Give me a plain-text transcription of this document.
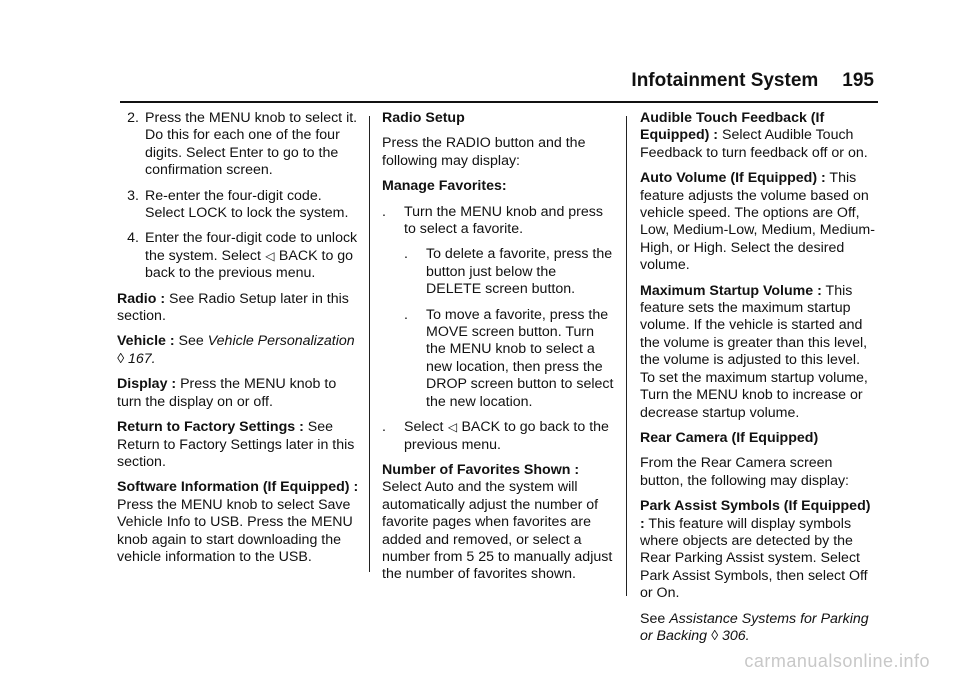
Infotainment System 195
2. Press the MENU knob to select it. Do this for each one of the four digits. Select Enter to go to the confirmation screen.
3. Re-enter the four-digit code. Select LOCK to lock the system.
4. Enter the four-digit code to unlock the system. Select ◁ BACK to go back to the previous menu.

Radio : See Radio Setup later in this section.

Vehicle : See Vehicle Personalization ◊ 167.

Display : Press the MENU knob to turn the display on or off.

Return to Factory Settings : See Return to Factory Settings later in this section.

Software Information (If Equipped) : Press the MENU knob to select Save Vehicle Info to USB. Press the MENU knob again to start downloading the vehicle information to the USB.

Radio Setup

Press the RADIO button and the following may display:

Manage Favorites:

.	Turn the MENU knob and press to select a favorite.
.	To delete a favorite, press the button just below the DELETE screen button.
.	To move a favorite, press the MOVE screen button. Turn the MENU knob to select a new location, then press the DROP screen button to select the new location.
.	Select ◁ BACK to go back to the previous menu.

Number of Favorites Shown : Select Auto and the system will automatically adjust the number of favorite pages when favorites are added and removed, or select a number from 5 25 to manually adjust the number of favorites shown.

Audible Touch Feedback (If Equipped) : Select Audible Touch Feedback to turn feedback off or on.

Auto Volume (If Equipped) : This feature adjusts the volume based on vehicle speed. The options are Off, Low, Medium-Low, Medium, Medium-High, or High. Select the desired volume.

Maximum Startup Volume : This feature sets the maximum startup volume. If the vehicle is started and the volume is greater than this level, the volume is adjusted to this level. To set the maximum startup volume, Turn the MENU knob to increase or decrease startup volume.

Rear Camera (If Equipped)

From the Rear Camera screen button, the following may display:

Park Assist Symbols (If Equipped) : This feature will display symbols where objects are detected by the Rear Parking Assist system. Select Park Assist Symbols, then select Off or On.

See Assistance Systems for Parking or Backing ◊ 306.

carmanualsonline.info
